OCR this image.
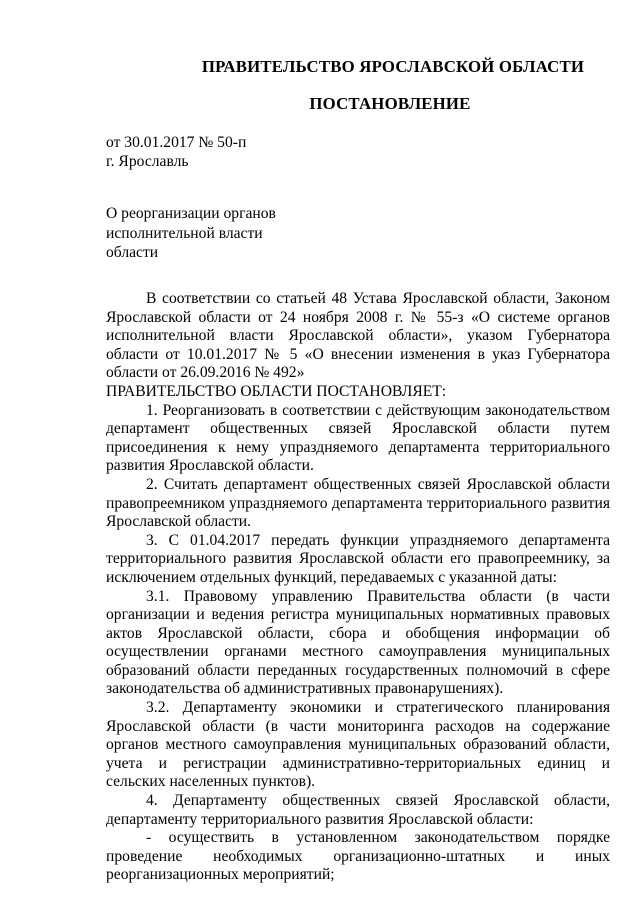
ПРАВИТЕЛЬСТВО ЯРОСЛАВСКОЙ ОБЛАСТИ
ПОСТАНОВЛЕНИЕ
от 30.01.2017 № 50-п
г. Ярославль
О реорганизации органов
исполнительной власти
области

В соответствии со статьей 48 Устава Ярославской области, Законом Ярославской области от 24 ноября 2008 г. № 55-з «О системе органов исполнительной власти Ярославской области», указом Губернатора области от 10.01.2017 № 5 «О внесении изменения в указ Губернатора области от 26.09.2016 № 492»

ПРАВИТЕЛЬСТВО ОБЛАСТИ ПОСТАНОВЛЯЕТ:

1. Реорганизовать в соответствии с действующим законодательством департамент общественных связей Ярославской области путем присоединения к нему упраздняемого департамента территориального развития Ярославской области.

2. Считать департамент общественных связей Ярославской области правопреемником упраздняемого департамента территориального развития Ярославской области.

3. С 01.04.2017 передать функции упраздняемого департамента территориального развития Ярославской области его правопреемнику, за исключением отдельных функций, передаваемых с указанной даты:

3.1. Правовому управлению Правительства области (в части организации и ведения регистра муниципальных нормативных правовых актов Ярославской области, сбора и обобщения информации об осуществлении органами местного самоуправления муниципальных образований области переданных государственных полномочий в сфере законодательства об административных правонарушениях).

3.2. Департаменту экономики и стратегического планирования Ярославской области (в части мониторинга расходов на содержание органов местного самоуправления муниципальных образований области, учета и регистрации административно-территориальных единиц и сельских населенных пунктов).

4. Департаменту общественных связей Ярославской области, департаменту территориального развития Ярославской области:

- осуществить в установленном законодательством порядке проведение необходимых организационно-штатных и иных реорганизационных мероприятий;
